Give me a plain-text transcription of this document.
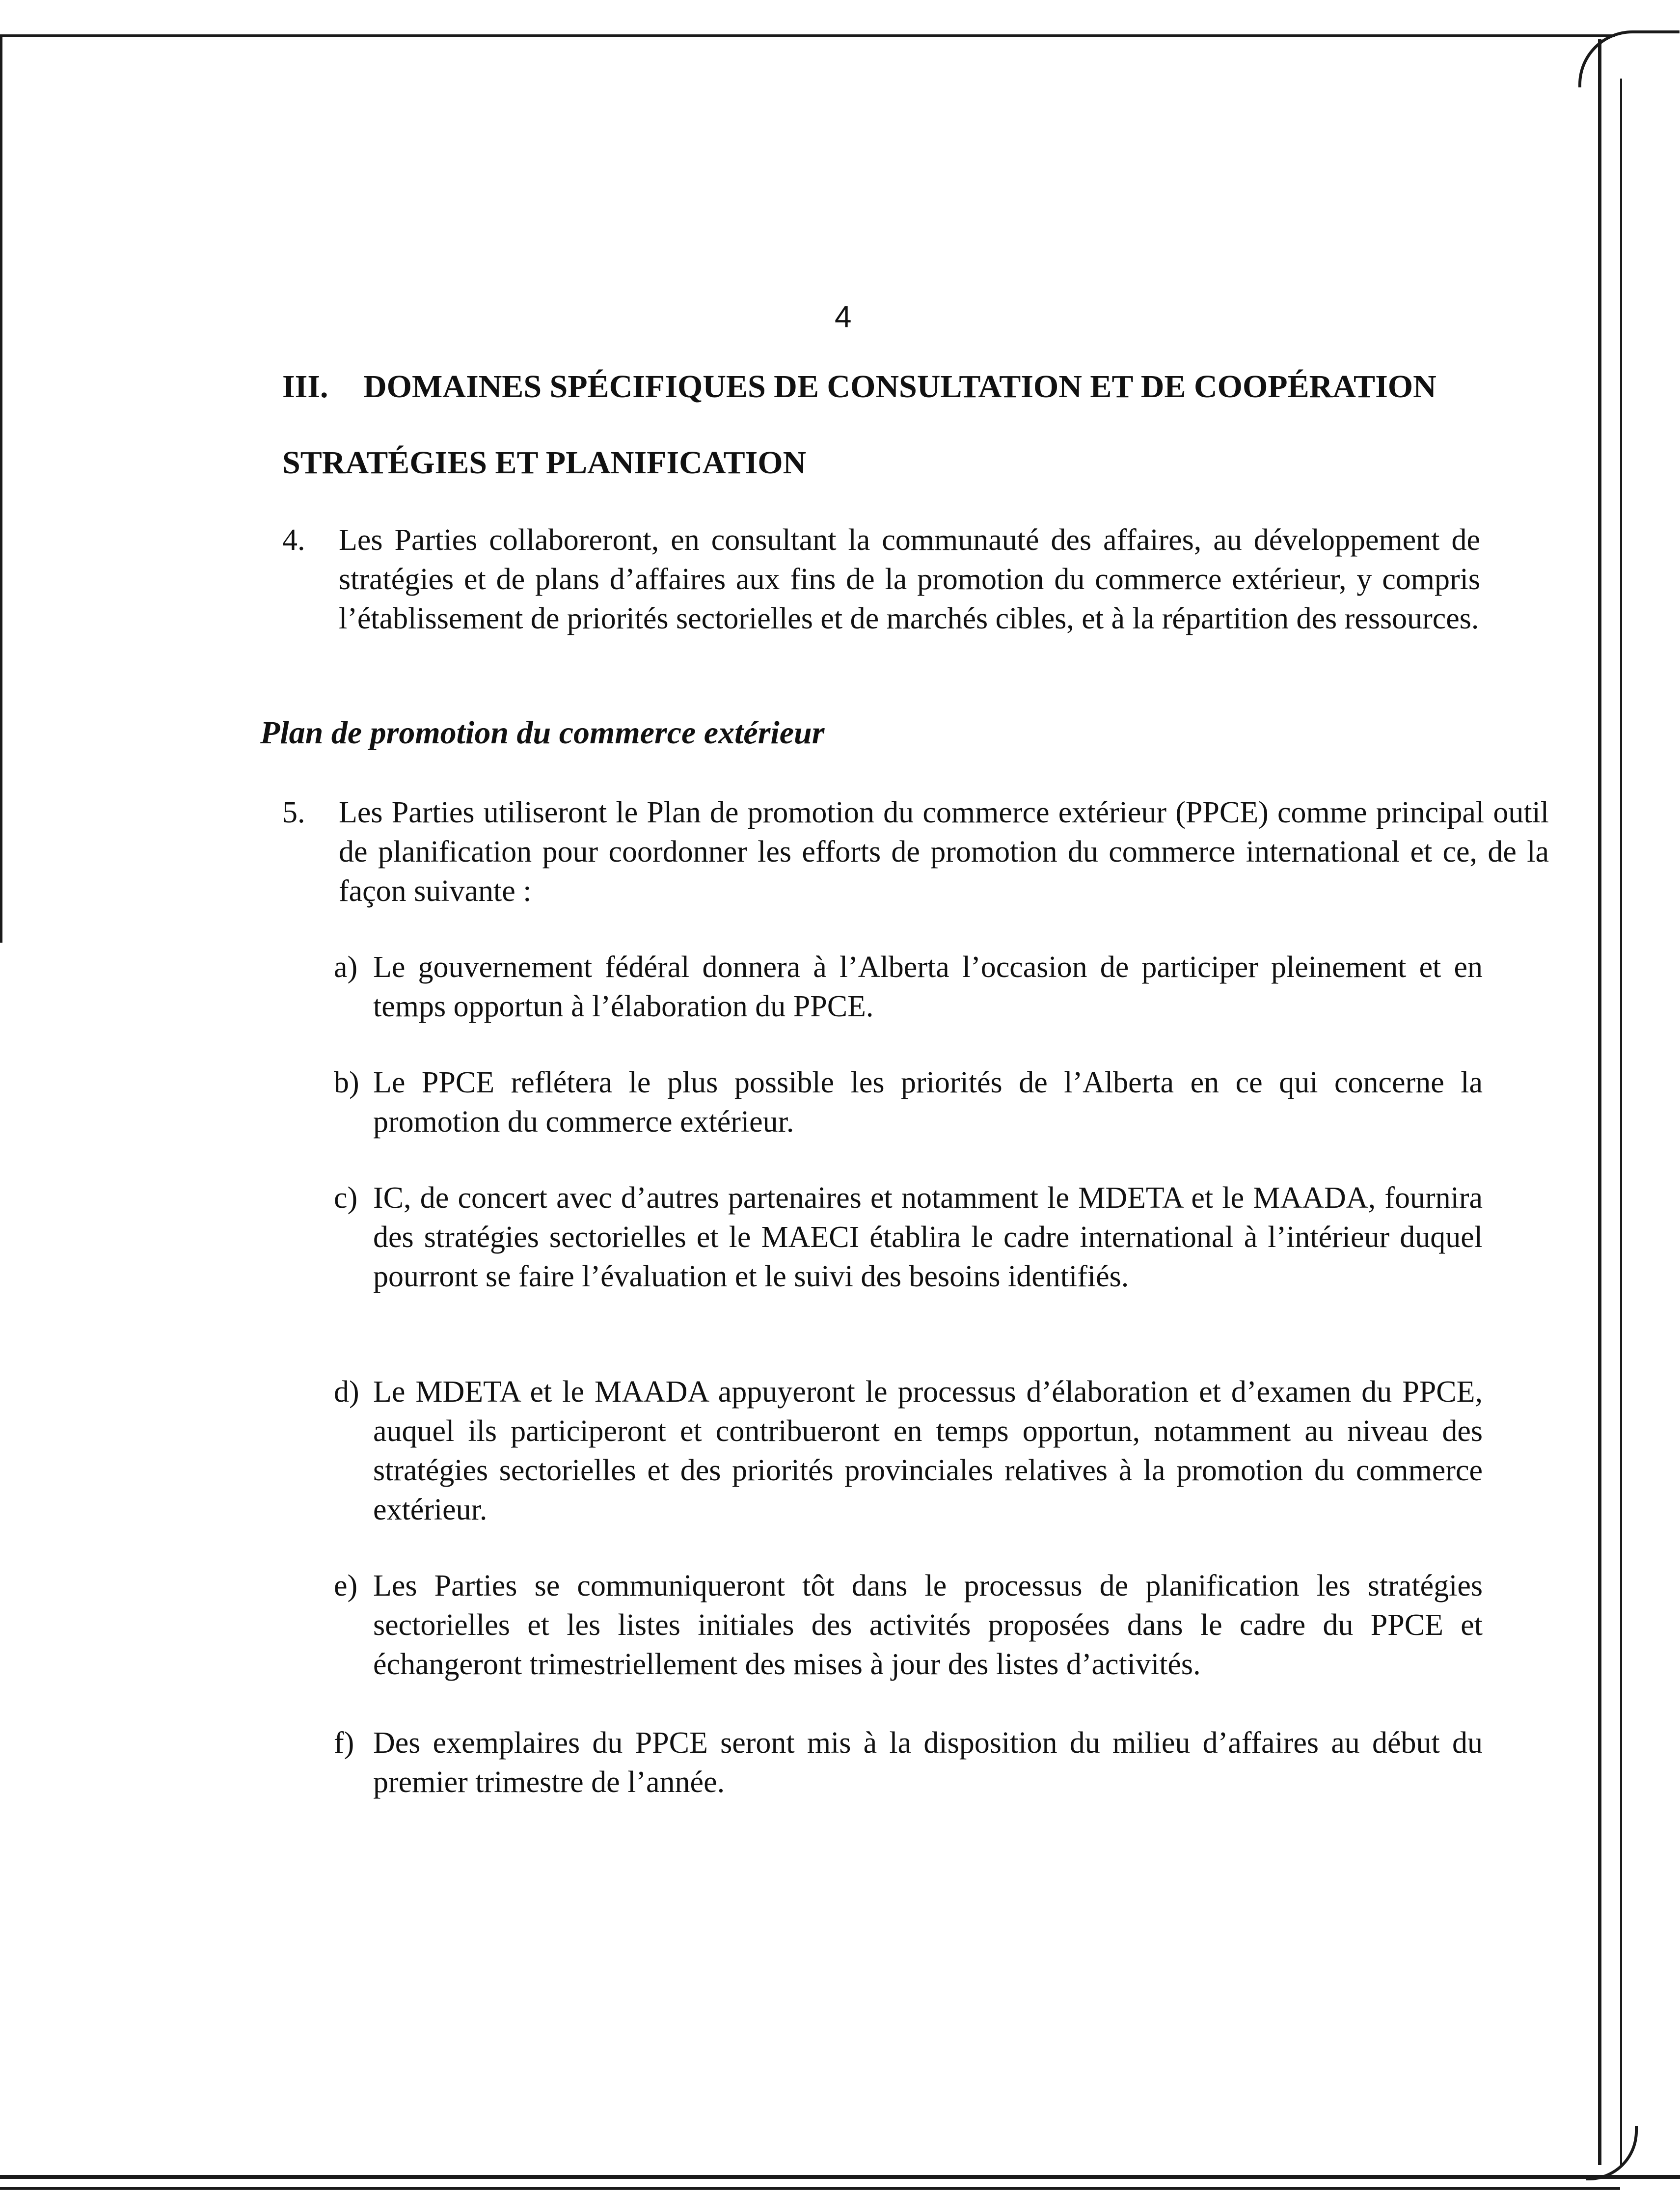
4
III. DOMAINES SPÉCIFIQUES DE CONSULTATION ET DE COOPÉRATION
STRATÉGIES ET PLANIFICATION
4. Les Parties collaboreront, en consultant la communauté des affaires, au développement de stratégies et de plans d’affaires aux fins de la promotion du commerce extérieur, y compris l’établissement de priorités sectorielles et de marchés cibles, et à la répartition des ressources.
Plan de promotion du commerce extérieur
5. Les Parties utiliseront le Plan de promotion du commerce extérieur (PPCE) comme principal outil de planification pour coordonner les efforts de promotion du commerce international et ce, de la façon suivante :
a) Le gouvernement fédéral donnera à l’Alberta l’occasion de participer pleinement et en temps opportun à l’élaboration du PPCE.
b) Le PPCE reflétera le plus possible les priorités de l’Alberta en ce qui concerne la promotion du commerce extérieur.
c) IC, de concert avec d’autres partenaires et notamment le MDETA et le MAADA, fournira des stratégies sectorielles et le MAECI établira le cadre international à l’intérieur duquel pourront se faire l’évaluation et le suivi des besoins identifiés.
d) Le MDETA et le MAADA appuyeront le processus d’élaboration et d’examen du PPCE, auquel ils participeront et contribueront en temps opportun, notamment au niveau des stratégies sectorielles et des priorités provinciales relatives à la promotion du commerce extérieur.
e) Les Parties se communiqueront tôt dans le processus de planification les stratégies sectorielles et les listes initiales des activités proposées dans le cadre du PPCE et échangeront trimestriellement des mises à jour des listes d’activités.
f) Des exemplaires du PPCE seront mis à la disposition du milieu d’affaires au début du premier trimestre de l’année.
